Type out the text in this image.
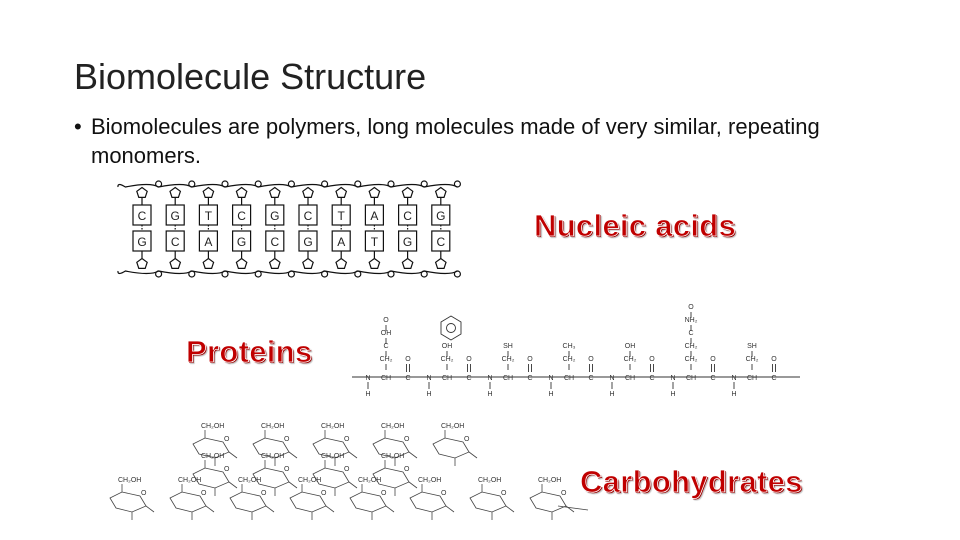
Biomolecule Structure
• Biomolecules are polymers, long molecules made of very similar, repeating monomers.
C
G
G
C
T
A
C
G
G
C
C
G
T
A
A
T
C
G
G
C
N
H
CH C
O
CH₂
C
OH
O
N
H
CH C
O
CH₂
OH
N
H
CH C
O
CH₂
SH
N
H
CH C
O
CH₂
CH₃
N
H
CH C
O
CH₂
OH
N
H
CH C
O
CH₂
CH₂
C
NH₂
O
N
H
CH C
O
CH₂
SH
CH₂OH
O
CH₂OH
O
CH₂OH
O
CH₂OH
O
CH₂OH
O
CH₂OH
O
CH₂OH
O
CH₂OH
O
CH₂OH
O
CH₂OH
O
CH₂OH
O
CH₂OH
O
CH₂OH
O
CH₂OH
O
CH₂OH
O
CH₂OH
O
CH₂OH
O
Nucleic acids
Proteins
Carbohydrates
